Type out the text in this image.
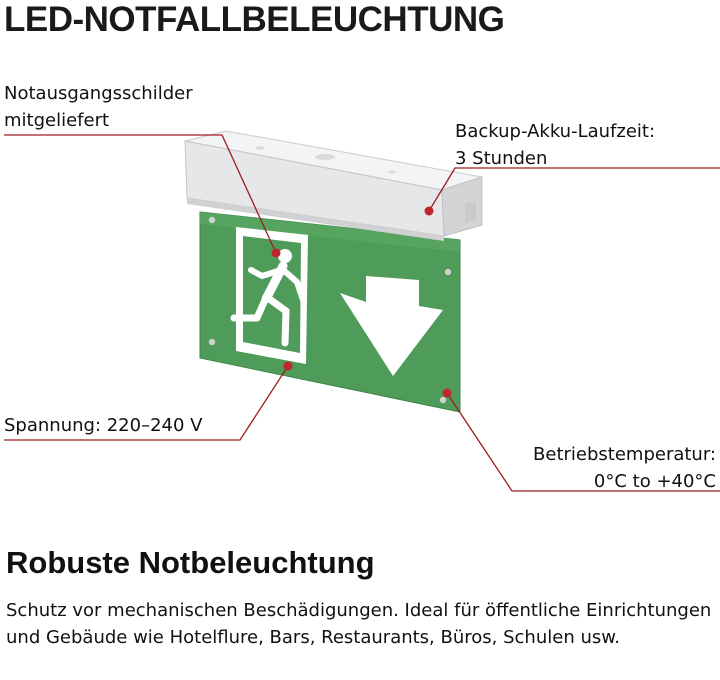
LED-NOTFALLBELEUCHTUNG
Notausgangsschilder
mitgeliefert
Backup-Akku-Laufzeit:
3 Stunden
Spannung: 220–240 V
Betriebstemperatur:
0°C to +40°C
Robuste Notbeleuchtung

Schutz vor mechanischen Beschädigungen. Ideal für öffentliche Einrichtungen und Gebäude wie Hotelflure, Bars, Restaurants, Büros, Schulen usw.
